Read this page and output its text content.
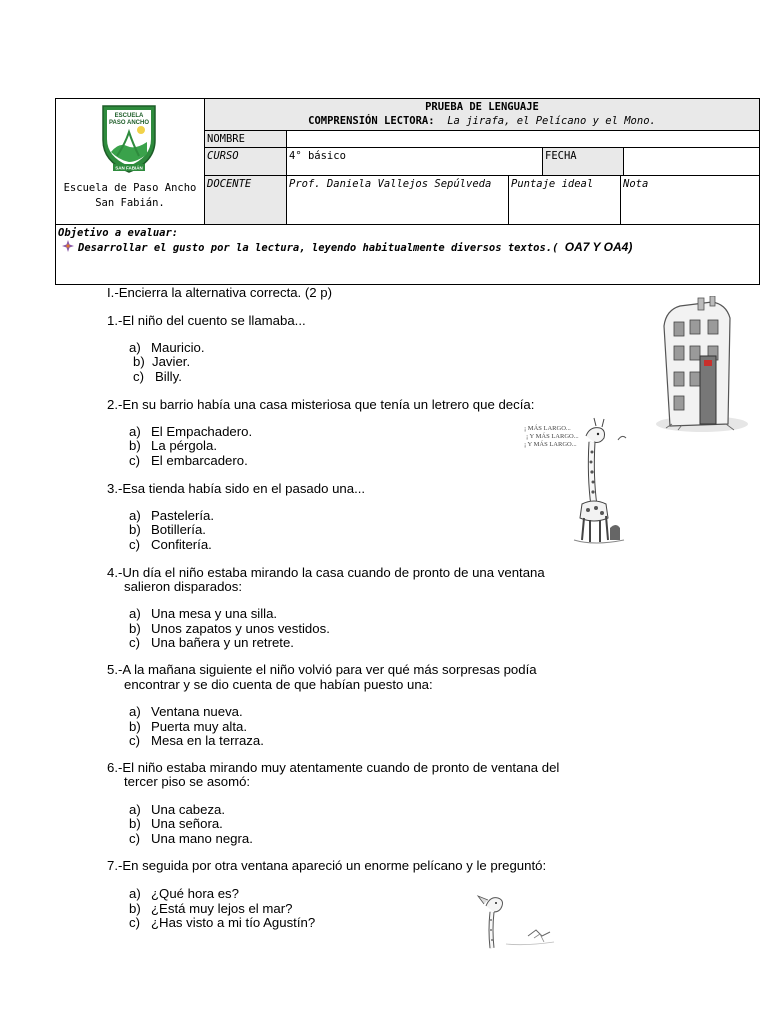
SAN FABIÁN
ESCUELA
PASO ANCHO
Escuela de Paso Ancho
San Fabián.
PRUEBA DE LENGUAJE
COMPRENSIÓN LECTORA: La jirafa, el Pelícano y el Mono.
NOMBRE
CURSO	4° básico	FECHA
DOCENTE	Prof. Daniela Vallejos Sepúlveda	Puntaje ideal	Nota
Objetivo a evaluar:
Desarrollar el gusto por la lectura, leyendo habitualmente diversos textos.( OA7 Y OA4)
I.-Encierra la alternativa correcta. (2 p)
1.-El niño del cuento se llamaba...
a) Mauricio.
b) Javier.
c) Billy.
2.-En su barrio había una casa misteriosa que tenía un letrero que decía:
a) El Empachadero.
b) La pérgola.
c) El embarcadero.
3.-Esa tienda había sido en el pasado una...
a) Pastelería.
b) Botillería.
c) Confitería.
4.-Un día el niño estaba mirando la casa cuando de pronto de una ventana
salieron disparados:
a) Una mesa y una silla.
b) Unos zapatos y unos vestidos.
c) Una bañera y un retrete.
5.-A la mañana siguiente el niño volvió para ver qué más sorpresas podía
encontrar y se dio cuenta de que habían puesto una:
a) Ventana nueva.
b) Puerta muy alta.
c) Mesa en la terraza.
6.-El niño estaba mirando muy atentamente cuando de pronto de ventana del
tercer piso se asomó:
a) Una cabeza.
b) Una señora.
c) Una mano negra.
7.-En seguida por otra ventana apareció un enorme pelícano y le preguntó:
a) ¿Qué hora es?
b) ¿Está muy lejos el mar?
c) ¿Has visto a mi tío Agustín?
¡ MÁS LARGO...
¡ Y MÁS LARGO...
¡ Y MÁS LARGO...
